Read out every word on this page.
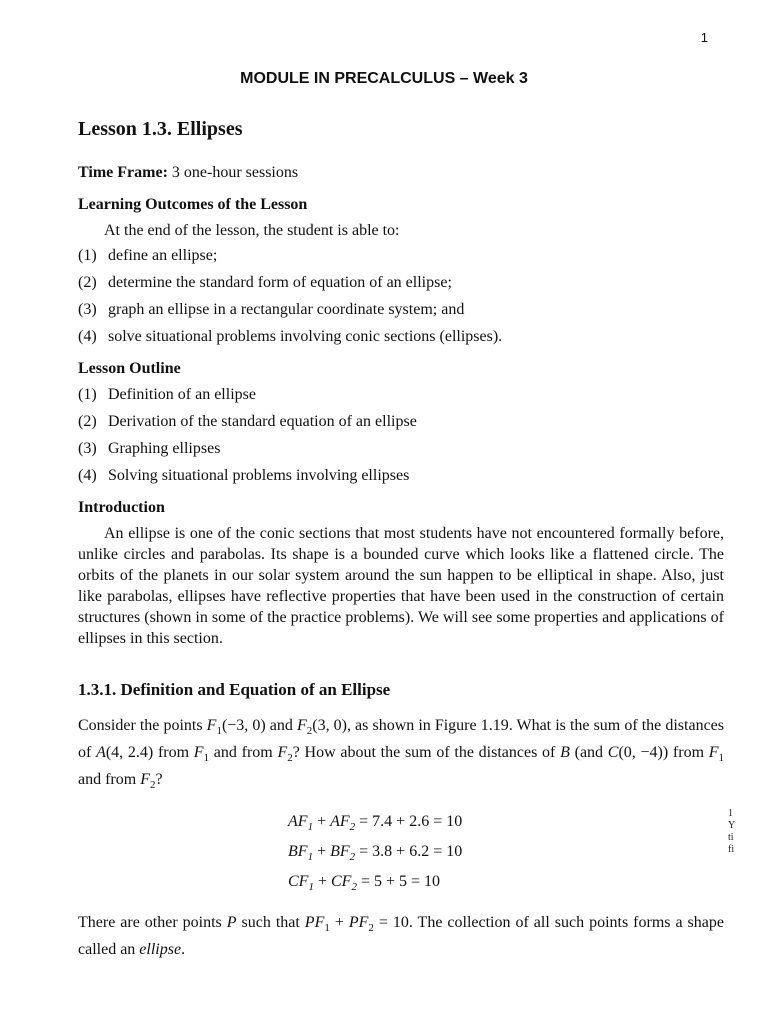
1
MODULE IN PRECALCULUS – Week 3
Lesson 1.3. Ellipses
Time Frame: 3 one-hour sessions
Learning Outcomes of the Lesson
At the end of the lesson, the student is able to:
(1) define an ellipse;
(2) determine the standard form of equation of an ellipse;
(3) graph an ellipse in a rectangular coordinate system; and
(4) solve situational problems involving conic sections (ellipses).
Lesson Outline
(1) Definition of an ellipse
(2) Derivation of the standard equation of an ellipse
(3) Graphing ellipses
(4) Solving situational problems involving ellipses
Introduction

An ellipse is one of the conic sections that most students have not encountered formally before, unlike circles and parabolas. Its shape is a bounded curve which looks like a flattened circle. The orbits of the planets in our solar system around the sun happen to be elliptical in shape. Also, just like parabolas, ellipses have reflective properties that have been used in the construction of certain structures (shown in some of the practice problems). We will see some properties and applications of ellipses in this section.

1.3.1. Definition and Equation of an Ellipse

Consider the points $F_1(-3$, 0) and $F_2(3$, 0), as shown in Figure 1.19. What is the sum of the distances of A(4, 2.4) from $F_1$ and from $F_2$? How about the sum of the distances of B (and C(0, −4)) from $F_1$ and from $F_2$?

$AF_1 + AF_2 = 7.4 + 2.6 = 10$
$BF_1 + BF_2 = 3.8 + 6.2 = 10$
$CF_1 + CF_2 = 5 + 5 = 10$

There are other points P such that $PF_1 + PF_2 = 10$. The collection of all such points forms a shape called an ellipse.

1
Y
ti
fi
